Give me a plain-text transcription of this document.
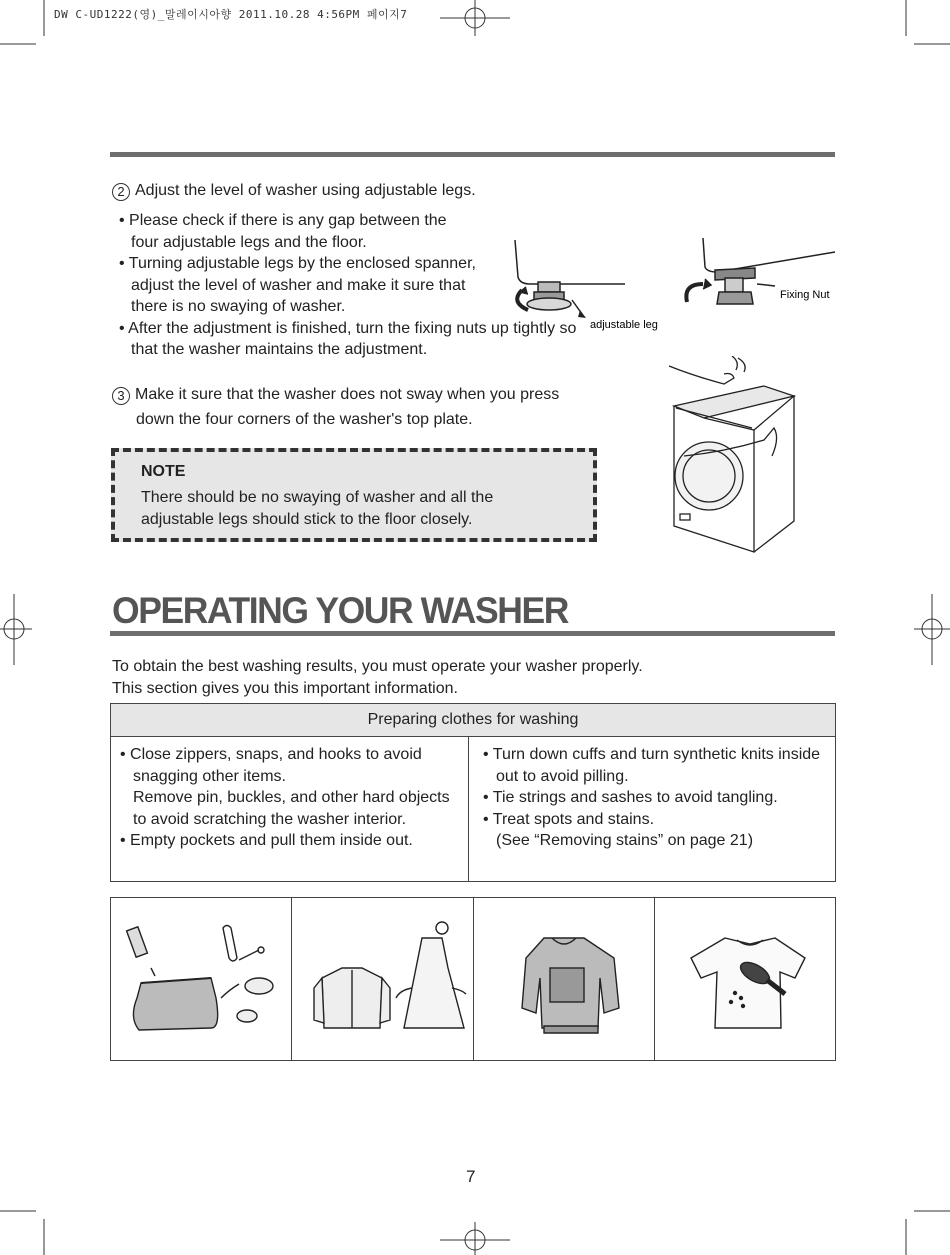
DW C-UD1222(영)_말레이시아향 2011.10.28 4:56PM 페이지7
2 Adjust the level of washer using adjustable legs.
• Please check if there is any gap between the four adjustable legs and the floor.
• Turning adjustable legs by the enclosed spanner, adjust the level of washer and make it sure that there is no swaying of washer.
• After the adjustment is finished, turn the fixing nuts up tightly so that the washer maintains the adjustment.
adjustable leg
Fixing Nut
3 Make it sure that the washer does not sway when you press
down the four corners of the washer's top plate.
NOTE
There should be no swaying of washer and all the
adjustable legs should stick to the floor closely.
OPERATING YOUR WASHER
To obtain the best washing results, you must operate your washer properly.
This section gives you this important information.
Preparing clothes for washing

• Close zippers, snaps, and hooks to avoid snagging other items.
Remove pin, buckles, and other hard objects to avoid scratching the washer interior.
• Empty pockets and pull them inside out.

• Turn down cuffs and turn synthetic knits inside out to avoid pilling.
• Tie strings and sashes to avoid tangling.
• Treat spots and stains.
(See “Removing stains” on page 21)
7
